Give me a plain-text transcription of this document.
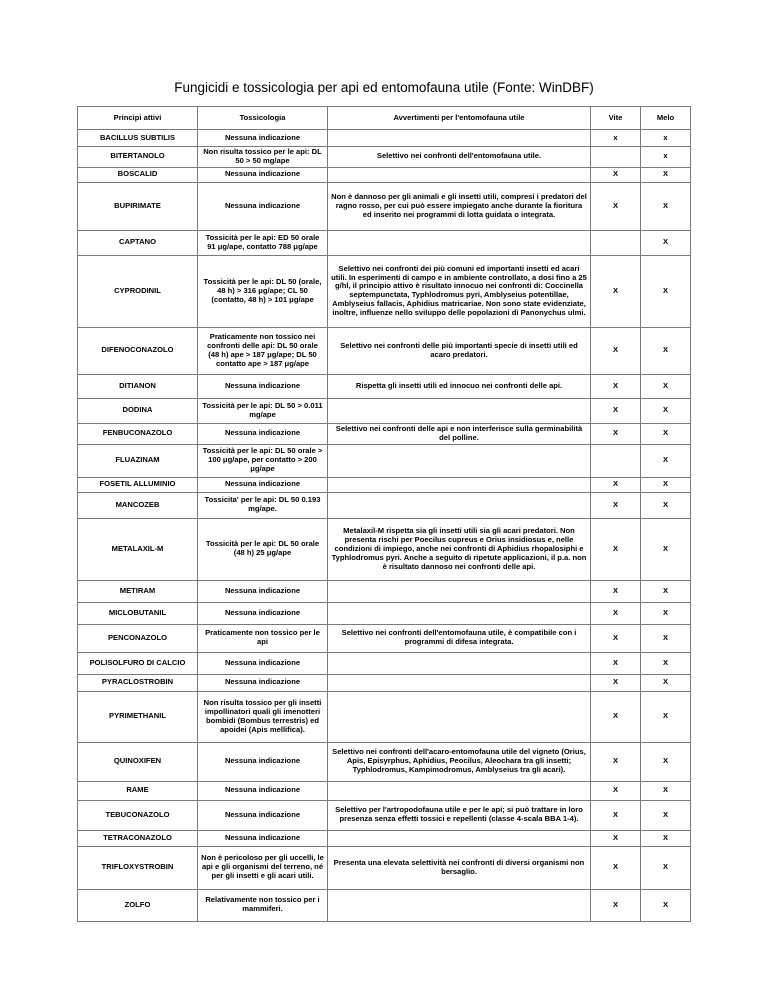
Fungicidi e tossicologia per api ed entomofauna utile (Fonte: WinDBF)
Principi attivi	Tossicologia	Avvertimenti per l'entomofauna utile	Vite	Melo
BACILLUS SUBTILIS	Nessuna indicazione		x	x
BITERTANOLO	Non risulta tossico per le api: DL 50 > 50 mg/ape	Selettivo nei confronti dell'entomofauna utile.		x
BOSCALID	Nessuna indicazione		X	X
BUPIRIMATE	Nessuna indicazione	Non è dannoso per gli animali e gli insetti utili, compresi i predatori del ragno rosso, per cui può essere impiegato anche durante la fioritura ed inserito nei programmi di lotta guidata o integrata.	X	X
CAPTANO	Tossicità per le api: ED 50 orale 91 μg/ape, contatto 788 μg/ape			X
CYPRODINIL	Tossicità per le api: DL 50 (orale, 48 h) > 316 μg/ape; CL 50 (contatto, 48 h) > 101 μg/ape	Selettivo nei confronti dei più comuni ed importanti insetti ed acari utili. In esperimenti di campo e in ambiente controllato, a dosi fino a 25 g/hl, il principio attivo è risultato innocuo nei confronti di: Coccinella septempunctata, Typhlodromus pyri, Amblyseius potentillae, Amblyseius fallacis, Aphidius matricariae. Non sono state evidenziate, inoltre, influenze nello sviluppo delle popolazioni di Panonychus ulmi.	X	X
DIFENOCONAZOLO	Praticamente non tossico nei confronti delle api: DL 50 orale (48 h) ape > 187 μg/ape; DL 50 contatto ape > 187 μg/ape	Selettivo nei confronti delle più importanti specie di insetti utili ed acaro predatori.	X	X
DITIANON	Nessuna indicazione	Rispetta gli insetti utili ed innocuo nei confronti delle api.	X	X
DODINA	Tossicità per le api: DL 50 > 0.011 mg/ape		X	X
FENBUCONAZOLO	Nessuna indicazione	Selettivo nei confronti delle api e non interferisce sulla germinabilità del polline.	X	X
FLUAZINAM	Tossicità per le api: DL 50 orale > 100 μg/ape, per contatto > 200 μg/ape			X
FOSETIL ALLUMINIO	Nessuna indicazione		X	X
MANCOZEB	Tossicita' per le api: DL 50 0.193 mg/ape.		X	X
METALAXIL-M	Tossicità per le api: DL 50 orale (48 h) 25 μg/ape	Metalaxil-M rispetta sia gli insetti utili sia gli acari predatori. Non presenta rischi per Poecilus cupreus e Orius insidiosus e, nelle condizioni di impiego, anche nei confronti di Aphidius rhopalosiphi e Typhlodromus pyri. Anche a seguito di ripetute applicazioni, il p.a. non è risultato dannoso nei confronti delle api.	X	X
METIRAM	Nessuna indicazione		X	X
MICLOBUTANIL	Nessuna indicazione		X	X
PENCONAZOLO	Praticamente non tossico per le api	Selettivo nei confronti dell'entomofauna utile, è compatibile con i programmi di difesa integrata.	X	X
POLISOLFURO DI CALCIO	Nessuna indicazione		X	X
PYRACLOSTROBIN	Nessuna indicazione		X	X
PYRIMETHANIL	Non risulta tossico per gli insetti impollinatori quali gli imenotteri bombidi (Bombus terrestris) ed apoidei (Apis mellifica).		X	X
QUINOXIFEN	Nessuna indicazione	Selettivo nei confronti dell'acaro-entomofauna utile del vigneto (Orius, Apis, Episyrphus, Aphidius, Peocilus, Aleochara tra gli insetti; Typhlodromus, Kampimodromus, Amblyseius tra gli acari).	X	X
RAME	Nessuna indicazione		X	X
TEBUCONAZOLO	Nessuna indicazione	Selettivo per l'artropodofauna utile e per le api; si può trattare in loro presenza senza effetti tossici e repellenti (classe 4-scala BBA 1-4).	X	X
TETRACONAZOLO	Nessuna indicazione		X	X
TRIFLOXYSTROBIN	Non è pericoloso per gli uccelli, le api e gli organismi del terreno, né per gli insetti e gli acari utili.	Presenta una elevata selettività nei confronti di diversi organismi non bersaglio.	X	X
ZOLFO	Relativamente non tossico per i mammiferi.		X	X
